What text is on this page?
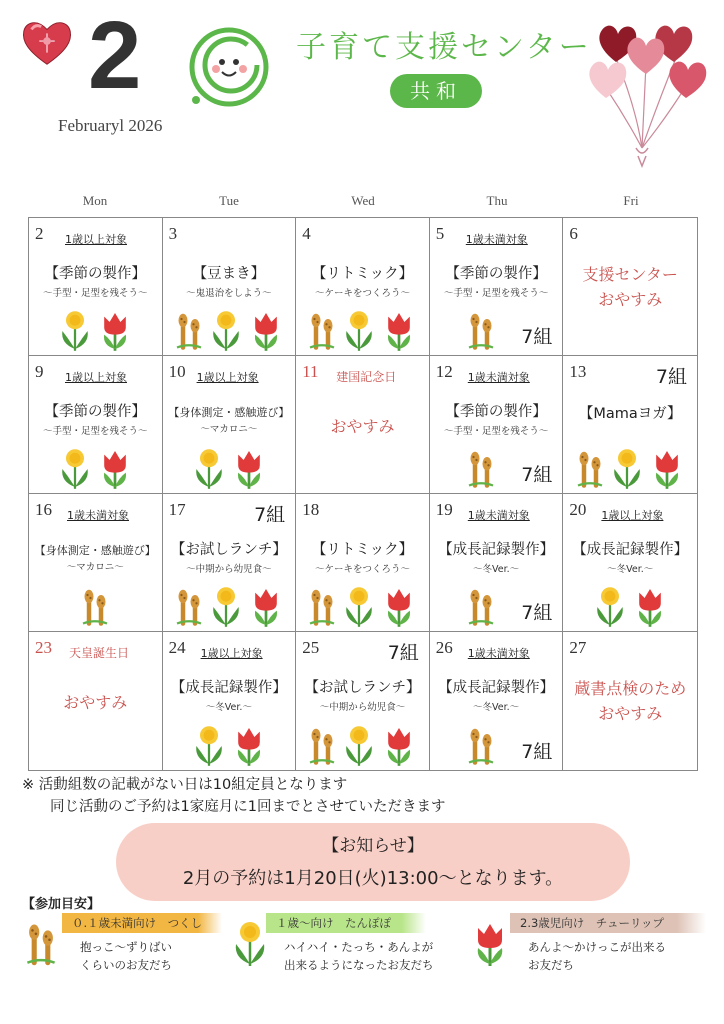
2
Februaryl 2026
子育て支援センター
共和
Mon	Tue	Wed	Thu	Fri
2 1歳以上対象
【季節の製作】
～手型・足型を残そう～
3
【豆まき】
～鬼退治をしよう～
4
【リトミック】
～ケーキをつくろう～
5 1歳未満対象
7組
【季節の製作】
～手型・足型を残そう～
6
支援センター
おやすみ
9 1歳以上対象
【季節の製作】
～手型・足型を残そう～
10 1歳以上対象
【身体測定・感触遊び】
～マカロニ～
11 建国記念日
おやすみ
12 1歳未満対象
7組
【季節の製作】
～手型・足型を残そう～
13	7組
【Mamaヨガ】
16 1歳未満対象
【身体測定・感触遊び】
～マカロニ～
17	7組
【お試しランチ】
～中期から幼児食～
18
【リトミック】
～ケーキをつくろう～
19 1歳未満対象
7組
【成長記録製作】
～冬Ver.～
20 1歳以上対象
【成長記録製作】
～冬Ver.～
23 天皇誕生日
おやすみ
24 1歳以上対象
【成長記録製作】
～冬Ver.～
25	7組
【お試しランチ】
～中期から幼児食～
26 1歳未満対象
7組
【成長記録製作】
～冬Ver.～
27
蔵書点検のため
おやすみ
※ 活動組数の記載がない日は10組定員となります
同じ活動のご予約は1家庭月に1回までとさせていただきます
【お知らせ】
2月の予約は1月20日(火)13:00～となります。
【参加目安】
０.１歳未満向け　つくし
抱っこ～ずりばい
くらいのお友だち
１歳～向け　たんぽぽ
ハイハイ・たっち・あんよが
出来るようになったお友だち
2.3歳児向け　チューリップ
あんよ～かけっこが出来る
お友だち
